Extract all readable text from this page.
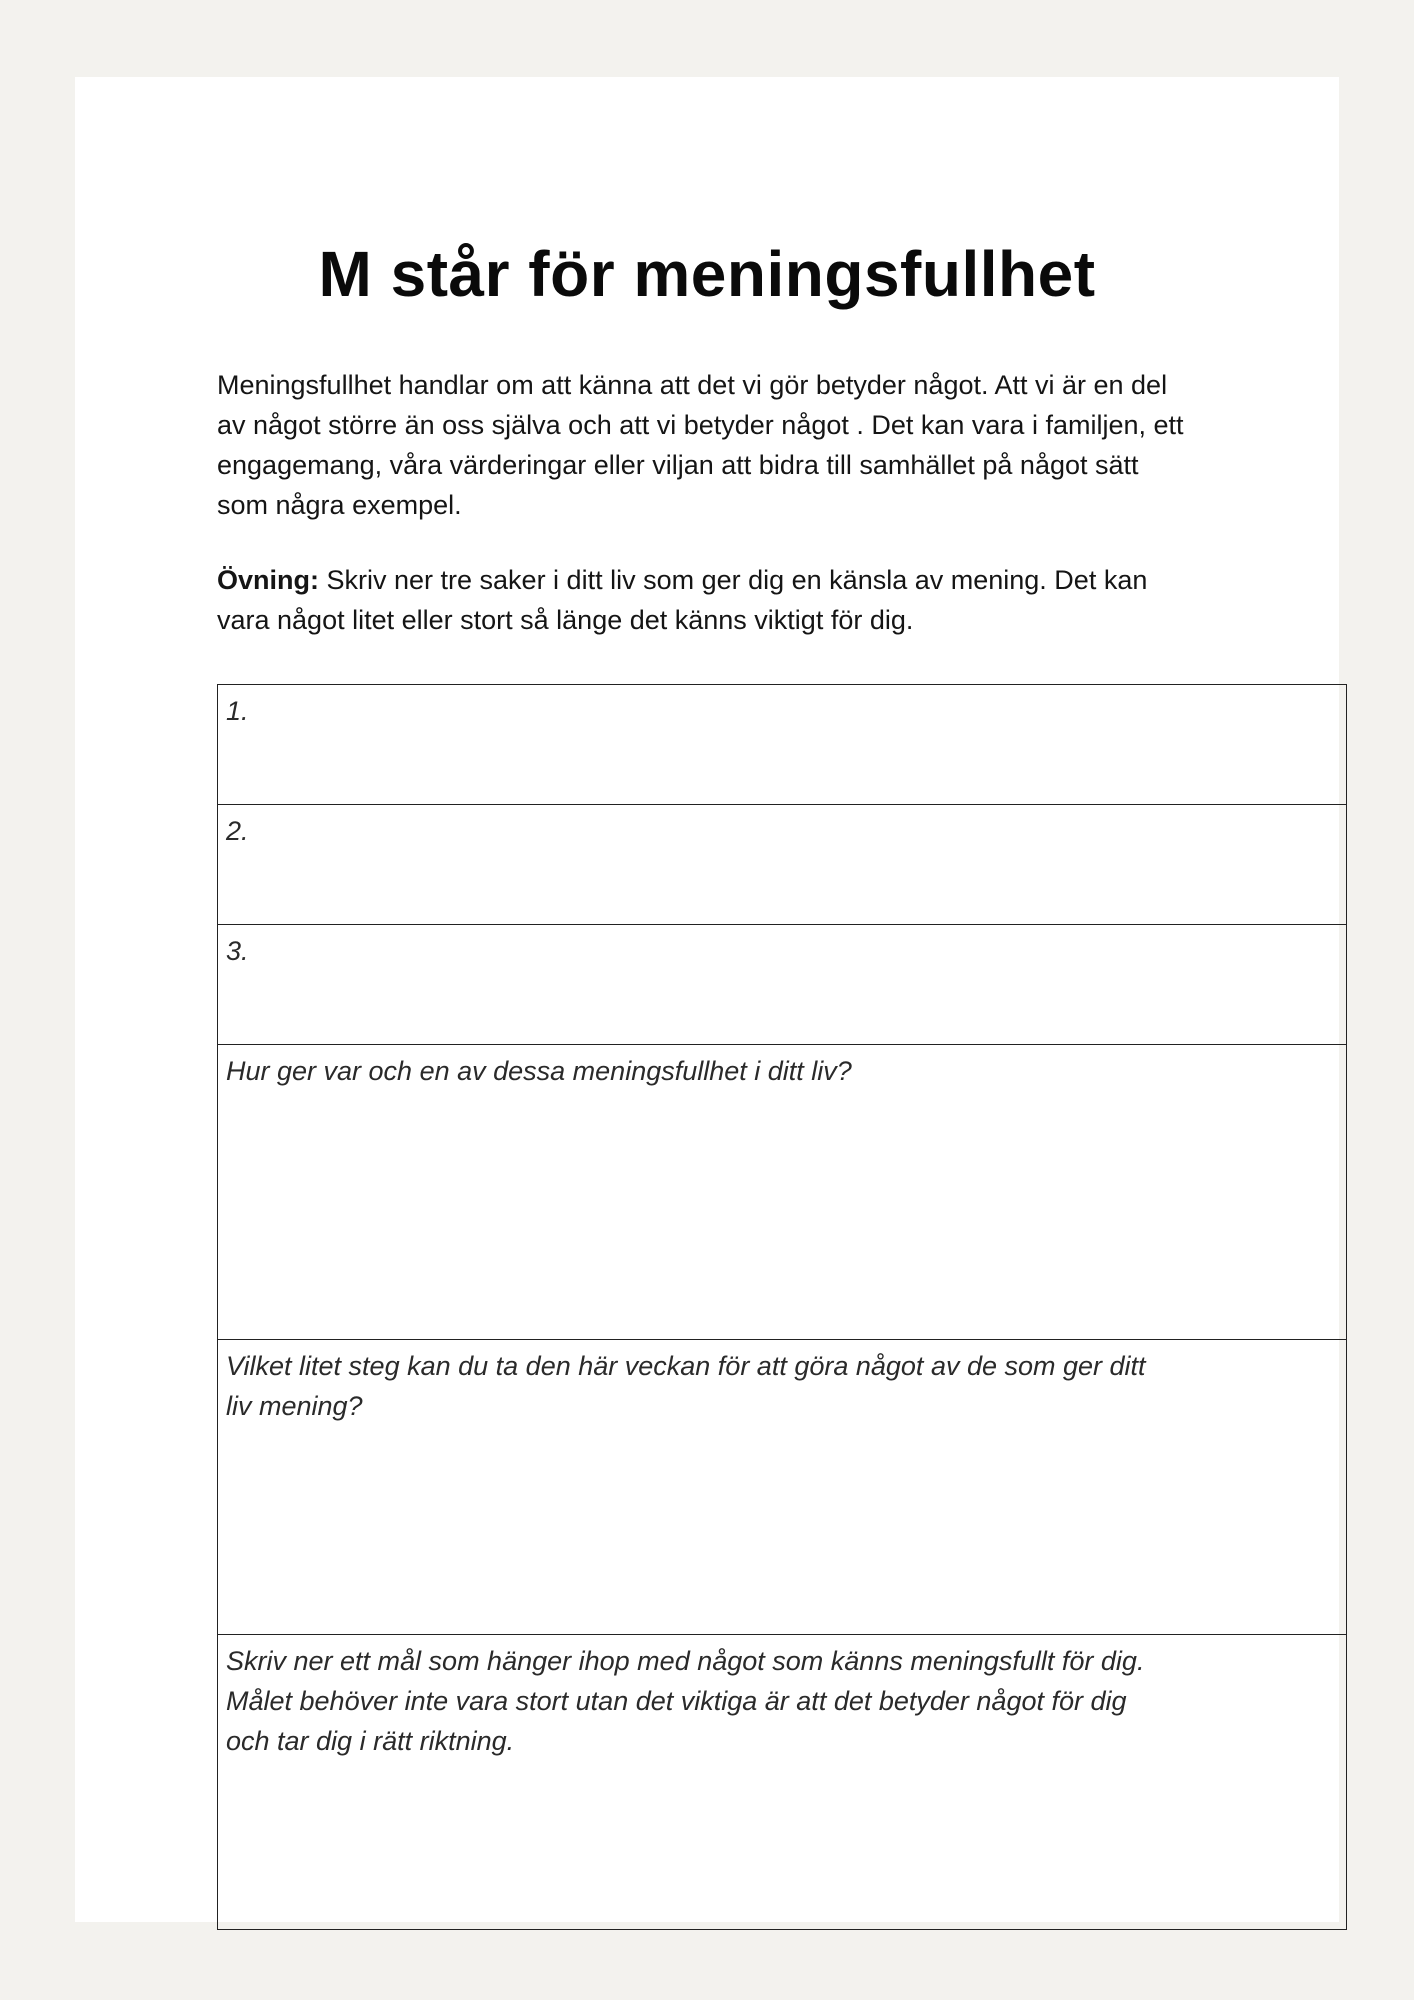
M står för meningsfullhet
Meningsfullhet handlar om att känna att det vi gör betyder något. Att vi är en del
av något större än oss själva och att vi betyder något . Det kan vara i familjen, ett
engagemang, våra värderingar eller viljan att bidra till samhället på något sätt
som några exempel.
Övning: Skriv ner tre saker i ditt liv som ger dig en känsla av mening. Det kan
vara något litet eller stort så länge det känns viktigt för dig.
1.
2.
3.
Hur ger var och en av dessa meningsfullhet i ditt liv?

Vilket litet steg kan du ta den här veckan för att göra något av de som ger ditt
liv mening?

Skriv ner ett mål som hänger ihop med något som känns meningsfullt för dig.
Målet behöver inte vara stort utan det viktiga är att det betyder något för dig
och tar dig i rätt riktning.
